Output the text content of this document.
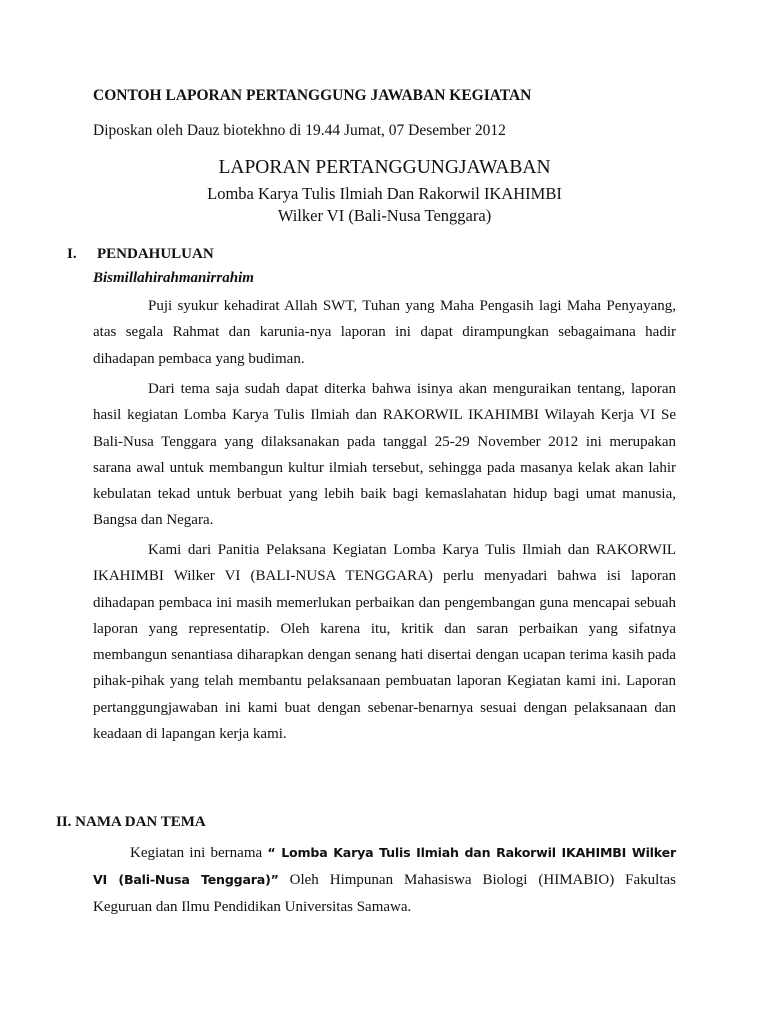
CONTOH LAPORAN PERTANGGUNG JAWABAN KEGIATAN
Diposkan oleh Dauz biotekhno di 19.44 Jumat, 07 Desember 2012
LAPORAN PERTANGGUNGJAWABAN
Lomba Karya Tulis Ilmiah Dan Rakorwil IKAHIMBI
Wilker VI (Bali-Nusa Tenggara)
I. PENDAHULUAN
Bismillahirahmanirrahim

Puji syukur kehadirat Allah SWT, Tuhan yang Maha Pengasih lagi Maha Penyayang, atas segala Rahmat dan karunia-nya laporan ini dapat dirampungkan sebagaimana hadir dihadapan pembaca yang budiman.

Dari tema saja sudah dapat diterka bahwa isinya akan menguraikan tentang, laporan hasil kegiatan Lomba Karya Tulis Ilmiah dan RAKORWIL IKAHIMBI Wilayah Kerja VI Se Bali-Nusa Tenggara yang dilaksanakan pada tanggal 25-29 November 2012 ini merupakan sarana awal untuk membangun kultur ilmiah tersebut, sehingga pada masanya kelak akan lahir kebulatan tekad untuk berbuat yang lebih baik bagi kemaslahatan hidup bagi umat manusia, Bangsa dan Negara.

Kami dari Panitia Pelaksana Kegiatan Lomba Karya Tulis Ilmiah dan RAKORWIL IKAHIMBI Wilker VI (BALI-NUSA TENGGARA) perlu menyadari bahwa isi laporan dihadapan pembaca ini masih memerlukan perbaikan dan pengembangan guna mencapai sebuah laporan yang representatip. Oleh karena itu, kritik dan saran perbaikan yang sifatnya membangun senantiasa diharapkan dengan senang hati disertai dengan ucapan terima kasih pada pihak-pihak yang telah membantu pelaksanaan pembuatan laporan Kegiatan kami ini. Laporan pertanggungjawaban ini kami buat dengan sebenar-benarnya sesuai dengan pelaksanaan dan keadaan di lapangan kerja kami.

II. NAMA DAN TEMA

Kegiatan ini bernama “ Lomba Karya Tulis Ilmiah dan Rakorwil IKAHIMBI Wilker VI (Bali-Nusa Tenggara)” Oleh Himpunan Mahasiswa Biologi (HIMABIO) Fakultas Keguruan dan Ilmu Pendidikan Universitas Samawa.
